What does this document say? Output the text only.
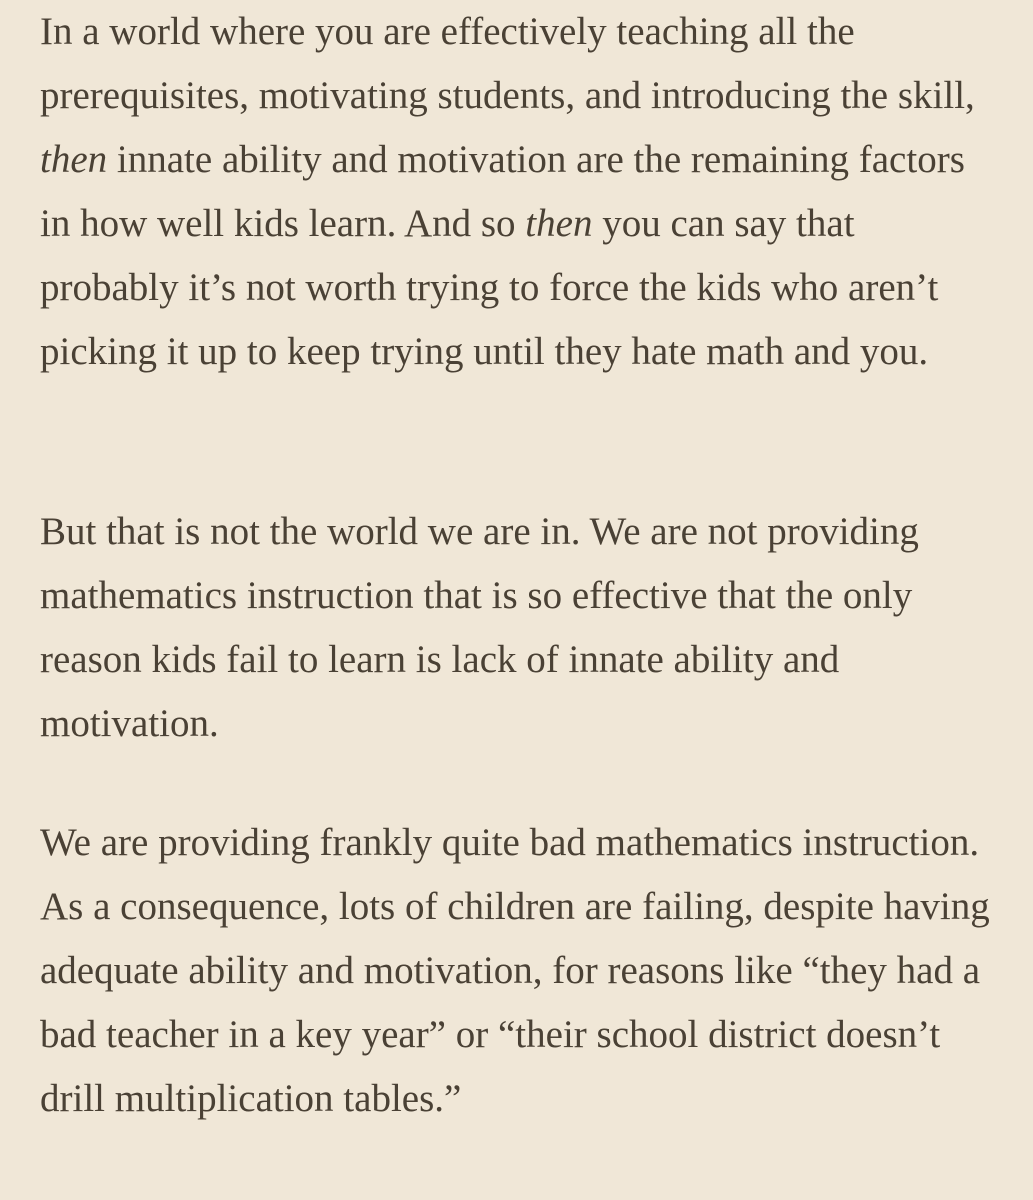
In a world where you are effectively teaching all the prerequisites, motivating students, and introducing the skill, then innate ability and motivation are the remaining factors in how well kids learn. And so then you can say that probably it’s not worth trying to force the kids who aren’t picking it up to keep trying until they hate math and you.

But that is not the world we are in. We are not providing mathematics instruction that is so effective that the only reason kids fail to learn is lack of innate ability and motivation.

We are providing frankly quite bad mathematics instruction. As a consequence, lots of children are failing, despite having adequate ability and motivation, for reasons like “they had a bad teacher in a key year” or “their school district doesn’t drill multiplication tables.”
